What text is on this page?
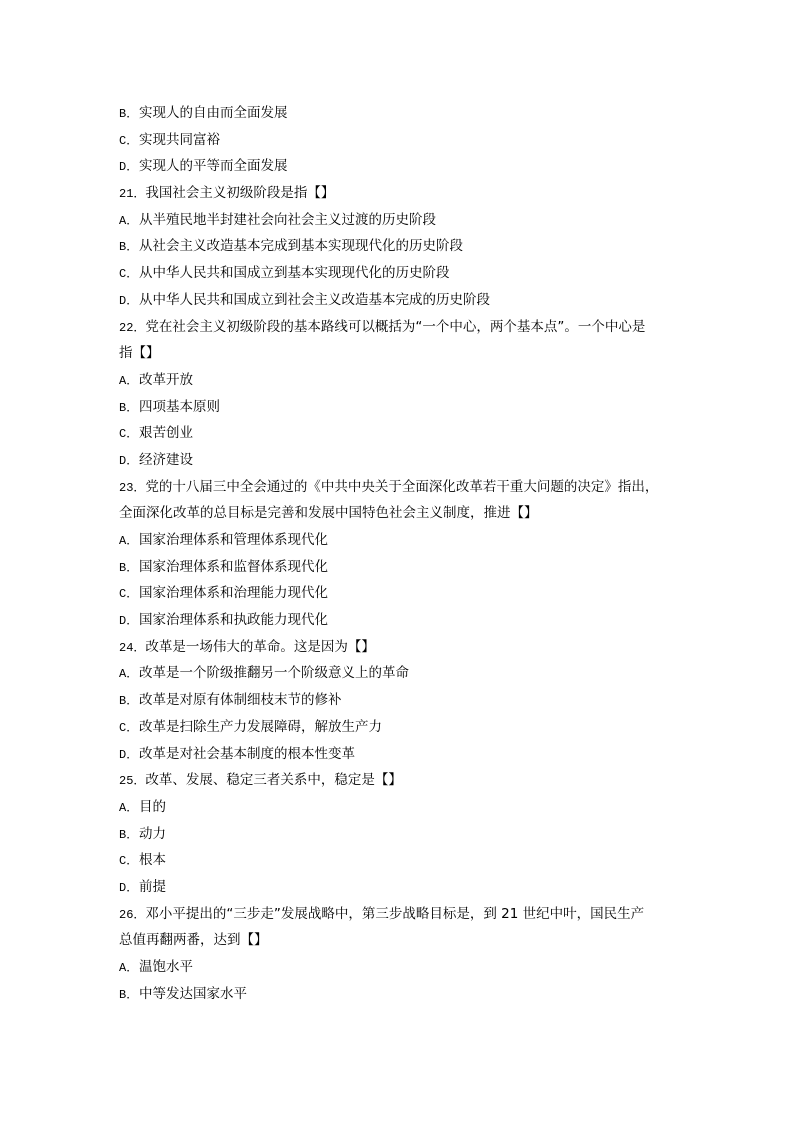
B．实现人的自由而全面发展
C．实现共同富裕
D．实现人的平等而全面发展
21．我国社会主义初级阶段是指【】
A．从半殖民地半封建社会向社会主义过渡的历史阶段
B．从社会主义改造基本完成到基本实现现代化的历史阶段
C．从中华人民共和国成立到基本实现现代化的历史阶段
D．从中华人民共和国成立到社会主义改造基本完成的历史阶段
22．党在社会主义初级阶段的基本路线可以概括为“一个中心，两个基本点”。一个中心是
指【】
A．改革开放
B．四项基本原则
C．艰苦创业
D．经济建设
23．党的十八届三中全会通过的《中共中央关于全面深化改革若干重大问题的决定》指出，
全面深化改革的总目标是完善和发展中国特色社会主义制度，推进【】
A．国家治理体系和管理体系现代化
B．国家治理体系和监督体系现代化
C．国家治理体系和治理能力现代化
D．国家治理体系和执政能力现代化
24．改革是一场伟大的革命。这是因为【】
A．改革是一个阶级推翻另一个阶级意义上的革命
B．改革是对原有体制细枝末节的修补
C．改革是扫除生产力发展障碍，解放生产力
D．改革是对社会基本制度的根本性变革
25．改革、发展、稳定三者关系中，稳定是【】
A．目的
B．动力
C．根本
D．前提
26．邓小平提出的“三步走”发展战略中，第三步战略目标是，到 21 世纪中叶，国民生产
总值再翻两番，达到【】
A．温饱水平
B．中等发达国家水平
